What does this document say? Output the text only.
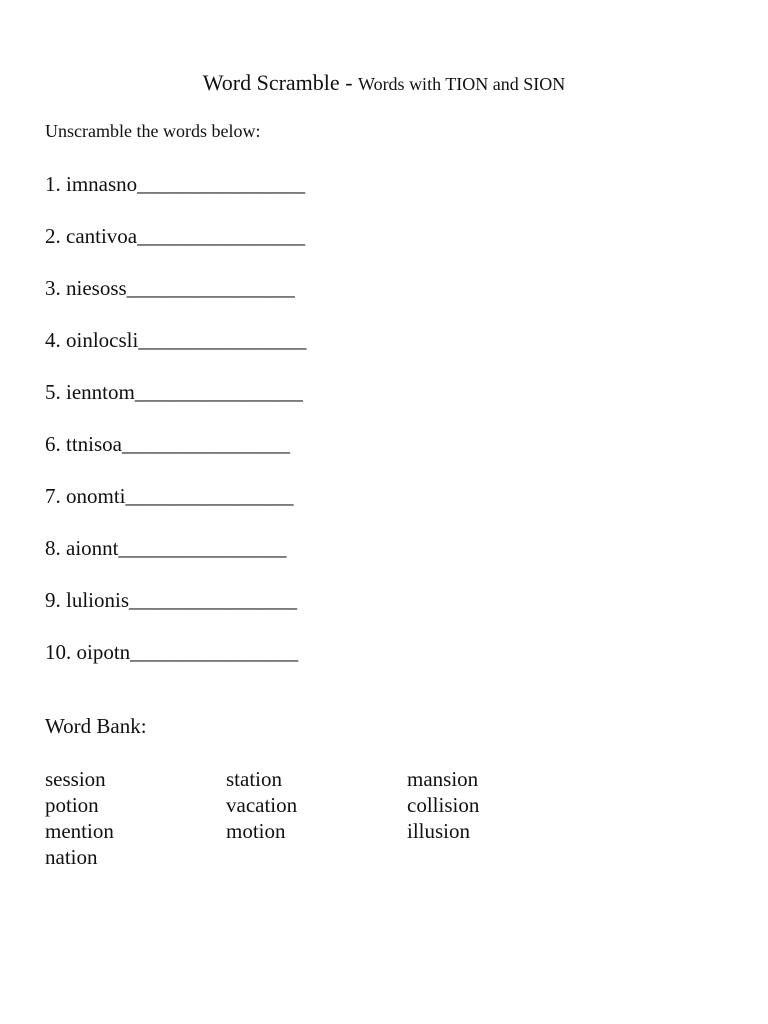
Word Scramble - Words with TION and SION
Unscramble the words below:
1. imnasno________________
2. cantivoa________________
3. niesoss________________
4. oinlocsli________________
5. ienntom________________
6. ttnisoa________________
7. onomti________________
8. aionnt________________
9. lulionis________________
10. oipotn________________
Word Bank:
session	station	mansion
potion	vacation	collision
mention	motion	illusion
nation
